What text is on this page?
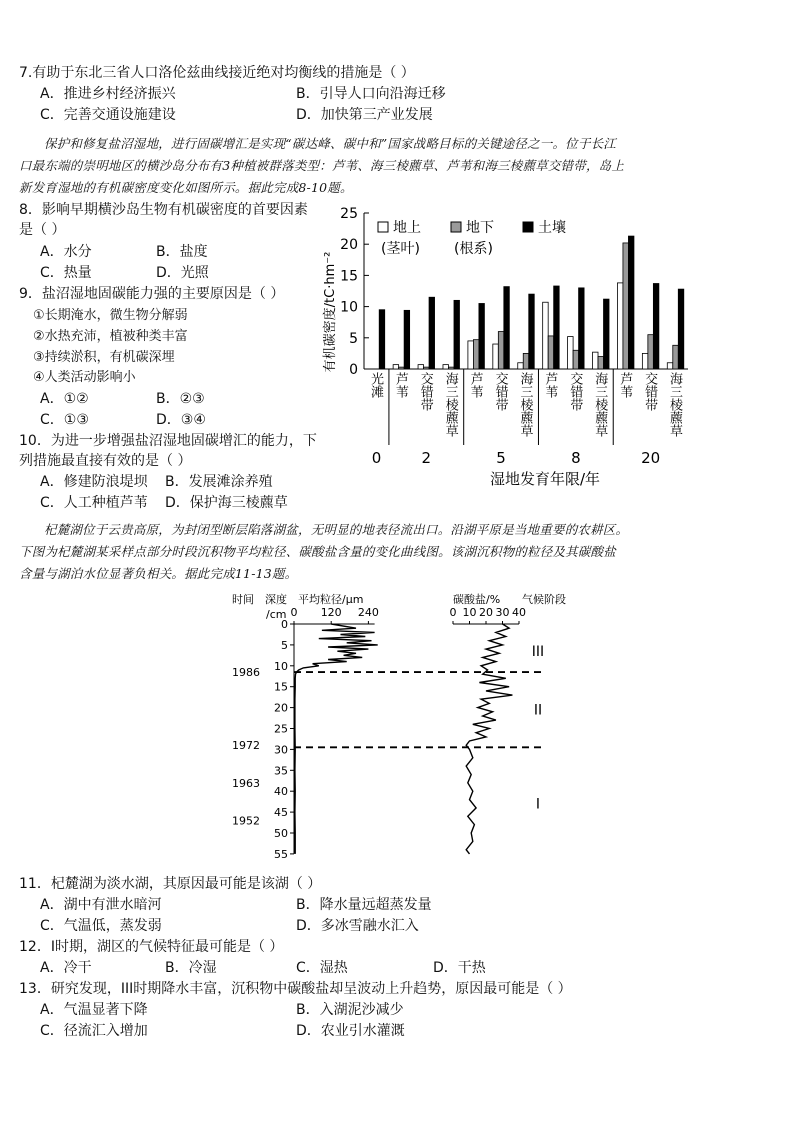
7.有助于东北三省人口洛伦兹曲线接近绝对均衡线的措施是（ ）
A．推进乡村经济振兴	B．引导人口向沿海迁移
C．完善交通设施建设	D．加快第三产业发展
保护和修复盐沼湿地，进行固碳增汇是实现“碳达峰、碳中和”国家战略目标的关键途径之一。位于长江
口最东端的崇明地区的横沙岛分布有3种植被群落类型：芦苇、海三棱藨草、芦苇和海三棱藨草交错带，岛上
新发育湿地的有机碳密度变化如图所示。据此完成8-10题。
8．影响早期横沙岛生物有机碳密度的首要因素
是（ ）
A．水分	B．盐度
C．热量	D．光照
9．盐沼湿地固碳能力强的主要原因是（ ）
①长期淹水，微生物分解弱
②水热充沛，植被种类丰富
③持续淤积，有机碳深埋
④人类活动影响小
A．①②	B．②③
C．①③	D．③④
10．为进一步增强盐沼湿地固碳增汇的能力，下
列措施最直接有效的是（ ）
A．修建防浪堤坝 B．发展滩涂养殖
C．人工种植芦苇 D．保护海三棱藨草
有机碳密度/tC·hm⁻² 0
5
10
15
20
25
地上
(茎叶)
地下
(根系)
土壤
光滩
0
芦苇 交错带 海三棱藨草
2
芦苇 交错带 海三棱藨草
5
芦苇 交错带 海三棱藨草
8
芦苇 交错带 海三棱藨草
20
湿地发育年限/年
杞麓湖位于云贵高原，为封闭型断层陷落湖盆，无明显的地表径流出口。沿湖平原是当地重要的农耕区。
下图为杞麓湖某采样点部分时段沉积物平均粒径、碳酸盐含量的变化曲线图。该湖沉积物的粒径及其碳酸盐
含量与湖泊水位显著负相关。据此完成11-13题。
时间 深度
/cm
平均粒径/μm	碳酸盐/% 气候阶段
0 120 240	0 10 20 30 40
0
5
10
15
20
25
30
35
40
45
50
55
1986
1972
1963
1952
III
II
I
11．杞麓湖为淡水湖，其原因最可能是该湖（ ）
A．湖中有泄水暗河	B．降水量远超蒸发量
C．气温低，蒸发弱	D．多冰雪融水汇入
12．I时期，湖区的气候特征最可能是（ ）
A．冷干	B．冷湿	C．湿热	D．干热
13．研究发现，III时期降水丰富，沉积物中碳酸盐却呈波动上升趋势，原因最可能是（ ）
A．气温显著下降	B．入湖泥沙减少
C．径流汇入增加	D．农业引水灌溉
